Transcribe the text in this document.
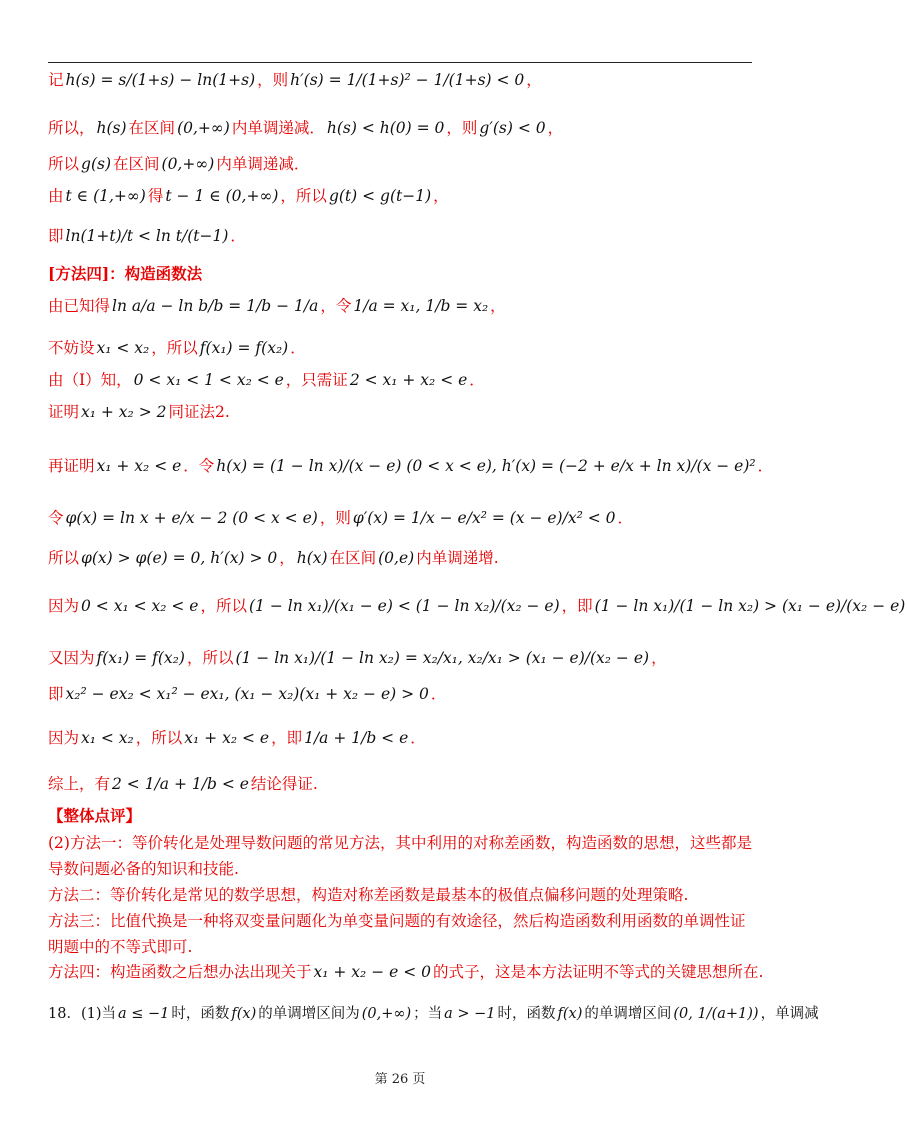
记 h(s) = s/(1+s) − ln(1+s) ，则 h′(s) = 1/(1+s)² − 1/(1+s) < 0 ，
所以， h(s) 在区间 (0,+∞) 内单调递减． h(s) < h(0) = 0 ，则 g′(s) < 0 ，
所以 g(s) 在区间 (0,+∞) 内单调递减．
由 t ∈ (1,+∞) 得 t − 1 ∈ (0,+∞) ，所以 g(t) < g(t−1) ，
即 ln(1+t)/t < ln t/(t−1) ．
[方法四]：构造函数法
由已知得 ln a/a − ln b/b = 1/b − 1/a ，令 1/a = x₁, 1/b = x₂ ，
不妨设 x₁ < x₂ ，所以 f(x₁) = f(x₂) ．
由（Ⅰ）知， 0 < x₁ < 1 < x₂ < e ，只需证 2 < x₁ + x₂ < e ．
证明 x₁ + x₂ > 2 同证法2.
再证明 x₁ + x₂ < e ．令 h(x) = (1 − ln x)/(x − e) (0 < x < e), h′(x) = (−2 + e/x + ln x)/(x − e)² ．
令 φ(x) = ln x + e/x − 2 (0 < x < e) ，则 φ′(x) = 1/x − e/x² = (x − e)/x² < 0 ．
所以 φ(x) > φ(e) = 0, h′(x) > 0 ， h(x) 在区间 (0,e) 内单调递增.
因为 0 < x₁ < x₂ < e ，所以 (1 − ln x₁)/(x₁ − e) < (1 − ln x₂)/(x₂ − e) ，即 (1 − ln x₁)/(1 − ln x₂) > (x₁ − e)/(x₂ − e)
又因为 f(x₁) = f(x₂) ，所以 (1 − ln x₁)/(1 − ln x₂) = x₂/x₁, x₂/x₁ > (x₁ − e)/(x₂ − e) ，
即 x₂² − ex₂ < x₁² − ex₁, (x₁ − x₂)(x₁ + x₂ − e) > 0 ．
因为 x₁ < x₂ ，所以 x₁ + x₂ < e ，即 1/a + 1/b < e ．
综上，有 2 < 1/a + 1/b < e 结论得证.
【整体点评】
(2)方法一：等价转化是处理导数问题的常见方法，其中利用的对称差函数，构造函数的思想，这些都是导数问题必备的知识和技能.
方法二：等价转化是常见的数学思想，构造对称差函数是最基本的极值点偏移问题的处理策略.
方法三：比值代换是一种将双变量问题化为单变量问题的有效途径，然后构造函数利用函数的单调性证明题中的不等式即可.
方法四：构造函数之后想办法出现关于 x₁ + x₂ − e < 0 的式子，这是本方法证明不等式的关键思想所在.
18．(1)当 a ≤ −1 时，函数 f(x) 的单调增区间为 (0,+∞) ；当 a > −1 时，函数 f(x) 的单调增区间 (0, 1/(a+1)) ，单调减
第 26 页
